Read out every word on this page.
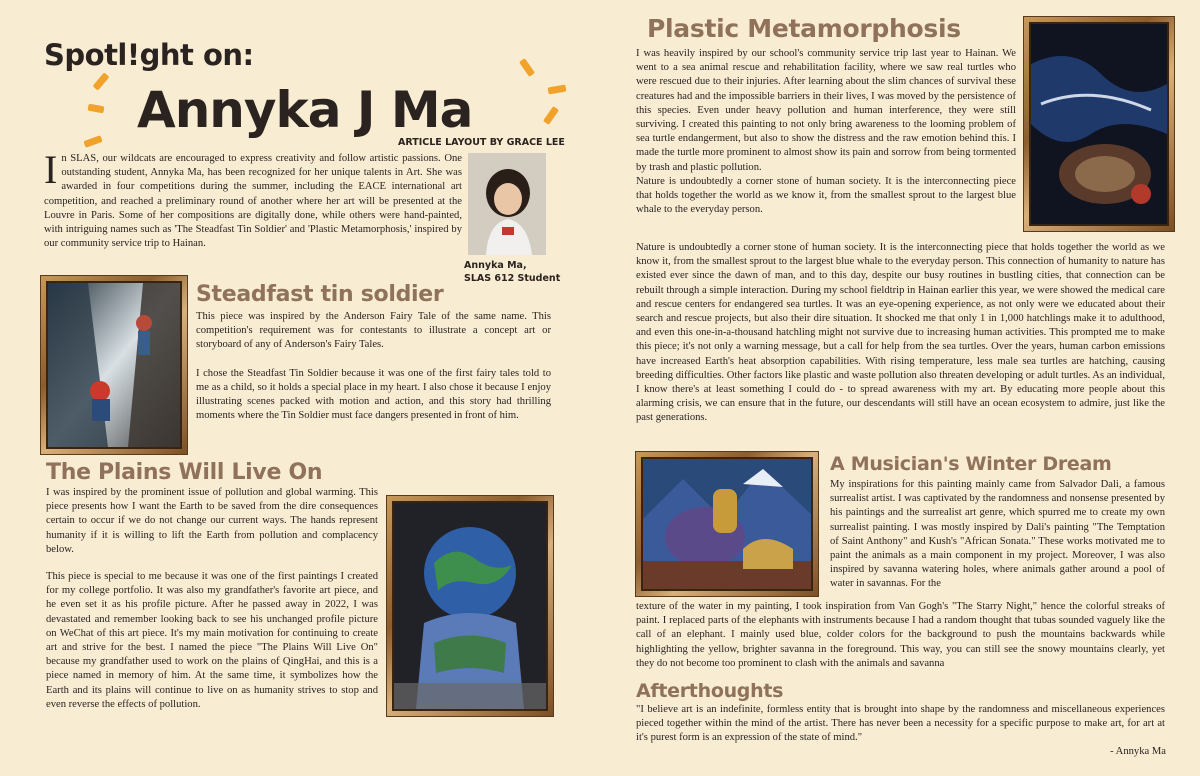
Spotl!ght on:
Annyka J Ma
ARTICLE LAYOUT BY GRACE LEE
In SLAS, our wildcats are encouraged to express creativity and follow artistic passions. One outstanding student, Annyka Ma, has been recognized for her unique talents in Art. She was awarded in four competitions during the summer, including the EACE international art competition, and reached a preliminary round of another where her art will be presented at the Louvre in Paris. Some of her compositions are digitally done, while others were hand-painted, with intriguing names such as 'The Steadfast Tin Soldier' and 'Plastic Metamorphosis,' inspired by our community service trip to Hainan.
Annyka Ma,
SLAS 612 Student
Steadfast tin soldier

This piece was inspired by the Anderson Fairy Tale of the same name. This competition's requirement was for contestants to illustrate a concept art or storyboard of any of Anderson's Fairy Tales.

I chose the Steadfast Tin Soldier because it was one of the first fairy tales told to me as a child, so it holds a special place in my heart. I also chose it because I enjoy illustrating scenes packed with motion and action, and this story had thrilling moments where the Tin Soldier must face dangers presented in front of him.

The Plains Will Live On

I was inspired by the prominent issue of pollution and global warming. This piece presents how I want the Earth to be saved from the dire consequences certain to occur if we do not change our current ways. The hands represent humanity if it is willing to lift the Earth from pollution and complacency below.

This piece is special to me because it was one of the first paintings I created for my college portfolio. It was also my grandfather's favorite art piece, and he even set it as his profile picture. After he passed away in 2022, I was devastated and remember looking back to see his unchanged profile picture on WeChat of this art piece. It's my main motivation for continuing to create art and strive for the best. I named the piece "The Plains Will Live On" because my grandfather used to work on the plains of QingHai, and this is a piece named in memory of him. At the same time, it symbolizes how the Earth and its plains will continue to live on as humanity strives to stop and even reverse the effects of pollution.

Plastic Metamorphosis

I was heavily inspired by our school's community service trip last year to Hainan. We went to a sea animal rescue and rehabilitation facility, where we saw real turtles who were rescued due to their injuries. After learning about the slim chances of survival these creatures had and the impossible barriers in their lives, I was moved by the persistence of this species. Even under heavy pollution and human interference, they were still surviving. I created this painting to not only bring awareness to the looming problem of sea turtle endangerment, but also to show the distress and the raw emotion behind this. I made the turtle more prominent to almost show its pain and sorrow from being tormented by trash and plastic pollution.

Nature is undoubtedly a corner stone of human society. It is the interconnecting piece that holds together the world as we know it, from the smallest sprout to the largest blue whale to the everyday person.

Nature is undoubtedly a corner stone of human society. It is the interconnecting piece that holds together the world as we know it, from the smallest sprout to the largest blue whale to the everyday person. This connection of humanity to nature has existed ever since the dawn of man, and to this day, despite our busy routines in bustling cities, that connection can be rebuilt through a simple interaction. During my school fieldtrip in Hainan earlier this year, we were showed the medical care and rescue centers for endangered sea turtles. It was an eye-opening experience, as not only were we educated about their search and rescue projects, but also their dire situation. It shocked me that only 1 in 1,000 hatchlings make it to adulthood, and even this one-in-a-thousand hatchling might not survive due to increasing human activities. This prompted me to make this piece; it's not only a warning message, but a call for help from the sea turtles. Over the years, human carbon emissions have increased Earth's heat absorption capabilities. With rising temperature, less male sea turtles are hatching, causing breeding difficulties. Other factors like plastic and waste pollution also threaten developing or adult turtles. As an individual, I know there's at least something I could do - to spread awareness with my art. By educating more people about this alarming crisis, we can ensure that in the future, our descendants will still have an ocean ecosystem to admire, just like the past generations.

A Musician's Winter Dream

My inspirations for this painting mainly came from Salvador Dali, a famous surrealist artist. I was captivated by the randomness and nonsense presented by his paintings and the surrealist art genre, which spurred me to create my own surrealist painting. I was mostly inspired by Dali's painting "The Temptation of Saint Anthony" and Kush's "African Sonata." These works motivated me to paint the animals as a main component in my project. Moreover, I was also inspired by savanna watering holes, where animals gather around a pool of water in savannas. For the

texture of the water in my painting, I took inspiration from Van Gogh's "The Starry Night," hence the colorful streaks of paint. I replaced parts of the elephants with instruments because I had a random thought that tubas sounded vaguely like the call of an elephant. I mainly used blue, colder colors for the background to push the mountains backwards while highlighting the yellow, brighter savanna in the foreground. This way, you can still see the snowy mountains clearly, yet they do not become too prominent to clash with the animals and savanna

Afterthoughts
"I believe art is an indefinite, formless entity that is brought into shape by the randomness and miscellaneous experiences pieced together within the mind of the artist. There has never been a necessity for a specific purpose to make art, for art at it's purest form is an expression of the state of mind."
- Annyka Ma
